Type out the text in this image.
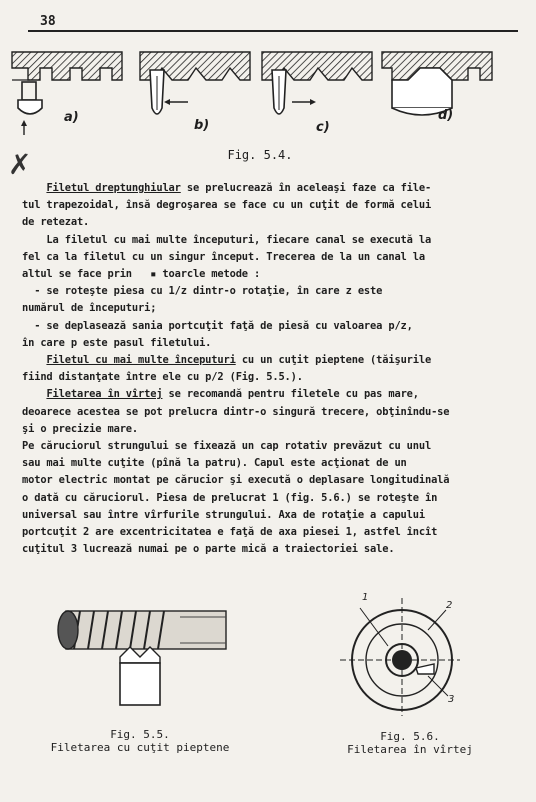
38
✗
a)
b)	c)
d)
Fig. 5.4.

Filetul dreptunghiular se prelucrează în aceleaşi faze ca file-

tul trapezoidal, însă degroşarea se face cu un cuţit de formă celui

de retezat.

La filetul cu mai multe începuturi, fiecare canal se execută la

fel ca la filetul cu un singur început. Trecerea de la un canal la

altul se face prin   ▪ toarcle metode :

- se roteşte piesa cu 1/z dintr-o rotaţie, în care z este

numărul de începuturi;

- se deplasează sania portcuţit faţă de piesă cu valoarea p/z,

în care p este pasul filetului.

Filetul cu mai multe începuturi cu un cuţit pieptene (tăişurile

fiind distanţate între ele cu p/2 (Fig. 5.5.).

Filetarea în vîrtej se recomandă pentru filetele cu pas mare,

deoarece acestea se pot prelucra dintr-o singură trecere, obţinîndu-se

şi o precizie mare.

Pe căruciorul strungului se fixează un cap rotativ prevăzut cu unul

sau mai multe cuţite (pînă la patru). Capul este acţionat de un

motor electric montat pe cărucior şi execută o deplasare longitudinală

o dată cu căruciorul. Piesa de prelucrat 1 (fig. 5.6.) se roteşte în

universal sau între vîrfurile strungului. Axa de rotaţie a capului

portcuţit 2 are excentricitatea e faţă de axa piesei 1, astfel încît

cuţitul 3 lucrează numai pe o parte mică a traiectoriei sale.

Fig. 5.5.
Filetarea cu cuţit pieptene
1
2
3
Fig. 5.6.
Filetarea în vîrtej
